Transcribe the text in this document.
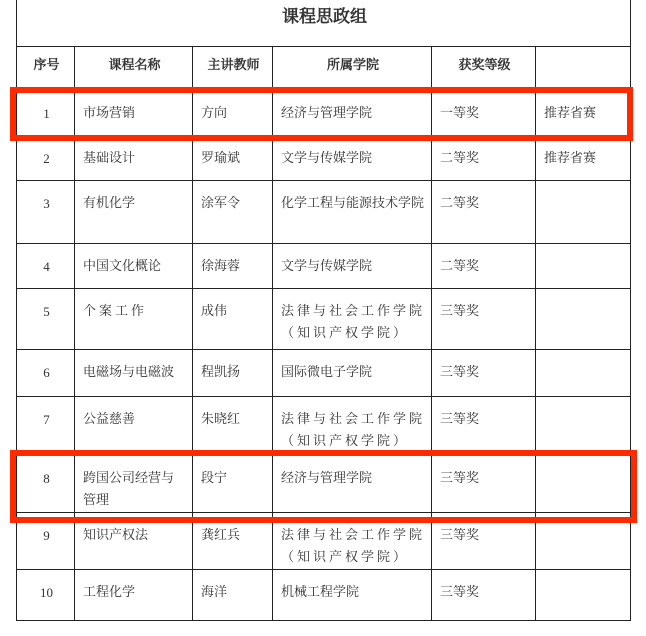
课程思政组					
序号	课程名称	主讲教师	所属学院	获奖等级	
1	市场营销	方向	经济与管理学院	一等奖	推荐省赛
2	基础设计	罗瑜斌	文学与传媒学院	二等奖	推荐省赛
3	有机化学	涂军令	化学工程与能源技术学院	二等奖	
4	中国文化概论	徐海蓉	文学与传媒学院	二等奖	
5	个案工作	成伟	法律与社会工作学院（知识产权学院）	三等奖	
6	电磁场与电磁波	程凯扬	国际微电子学院	三等奖	
7	公益慈善	朱晓红	法律与社会工作学院（知识产权学院）	三等奖	
8	跨国公司经营与管理	段宁	经济与管理学院	三等奖	
9	知识产权法	龚红兵	法律与社会工作学院（知识产权学院）	三等奖	
10	工程化学	海洋	机械工程学院	三等奖	
